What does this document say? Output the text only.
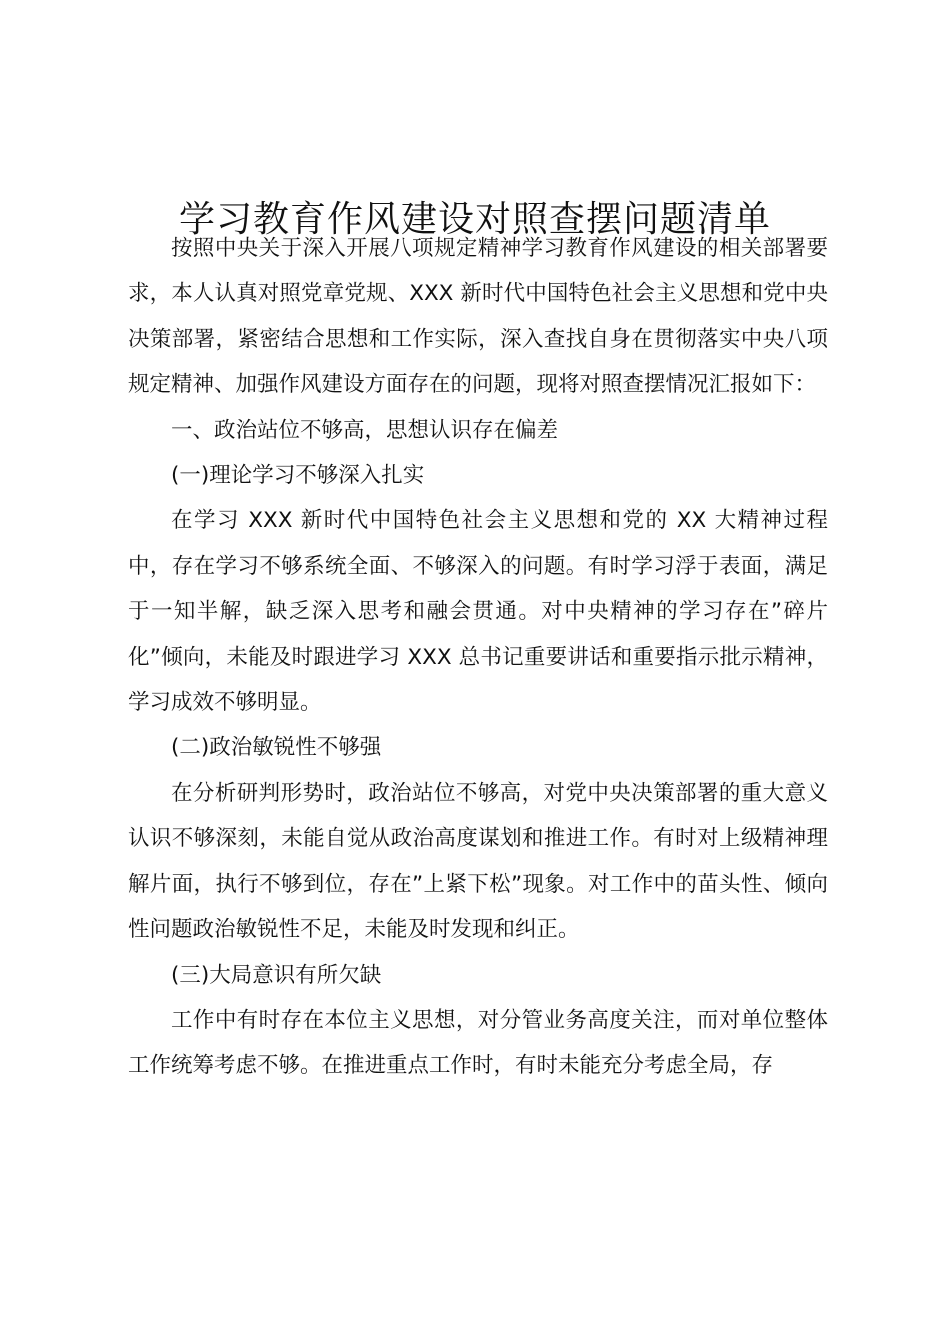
学习教育作风建设对照查摆问题清单

按照中央关于深入开展八项规定精神学习教育作风建设的相关部署要求，本人认真对照党章党规、XXX 新时代中国特色社会主义思想和党中央决策部署，紧密结合思想和工作实际，深入查找自身在贯彻落实中央八项规定精神、加强作风建设方面存在的问题，现将对照查摆情况汇报如下：

一、政治站位不够高，思想认识存在偏差

(一)理论学习不够深入扎实

在学习 XXX 新时代中国特色社会主义思想和党的 XX 大精神过程中，存在学习不够系统全面、不够深入的问题。有时学习浮于表面，满足于一知半解，缺乏深入思考和融会贯通。对中央精神的学习存在”碎片化”倾向，未能及时跟进学习 XXX 总书记重要讲话和重要指示批示精神，学习成效不够明显。

(二)政治敏锐性不够强

在分析研判形势时，政治站位不够高，对党中央决策部署的重大意义认识不够深刻，未能自觉从政治高度谋划和推进工作。有时对上级精神理解片面，执行不够到位，存在”上紧下松”现象。对工作中的苗头性、倾向性问题政治敏锐性不足，未能及时发现和纠正。

(三)大局意识有所欠缺

工作中有时存在本位主义思想，对分管业务高度关注，而对单位整体工作统筹考虑不够。在推进重点工作时，有时未能充分考虑全局，存
